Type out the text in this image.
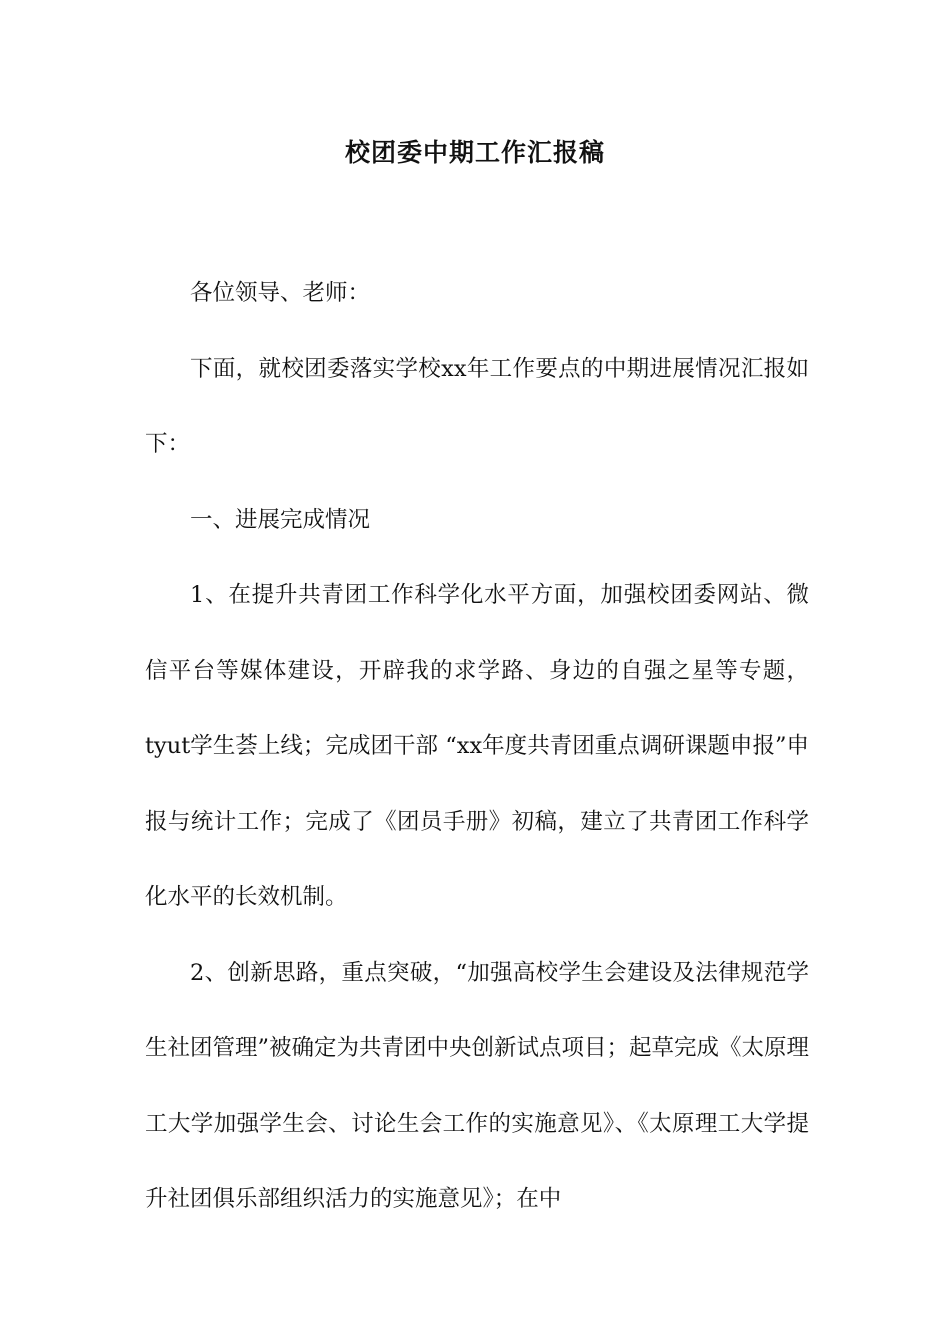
校团委中期工作汇报稿

各位领导、老师：

下面，就校团委落实学校xx年工作要点的中期进展情况汇报如下：

一、进展完成情况

1、在提升共青团工作科学化水平方面，加强校团委网站、微信平台等媒体建设，开辟我的求学路、身边的自强之星等专题， tyut学生荟上线；完成团干部 “xx年度共青团重点调研课题申报”申报与统计工作；完成了《团员手册》初稿，建立了共青团工作科学化水平的长效机制。

2、创新思路，重点突破，“加强高校学生会建设及法律规范学生社团管理”被确定为共青团中央创新试点项目；起草完成《太原理工大学加强学生会、讨论生会工作的实施意见》、《太原理工大学提升社团俱乐部组织活力的实施意见》；在中
